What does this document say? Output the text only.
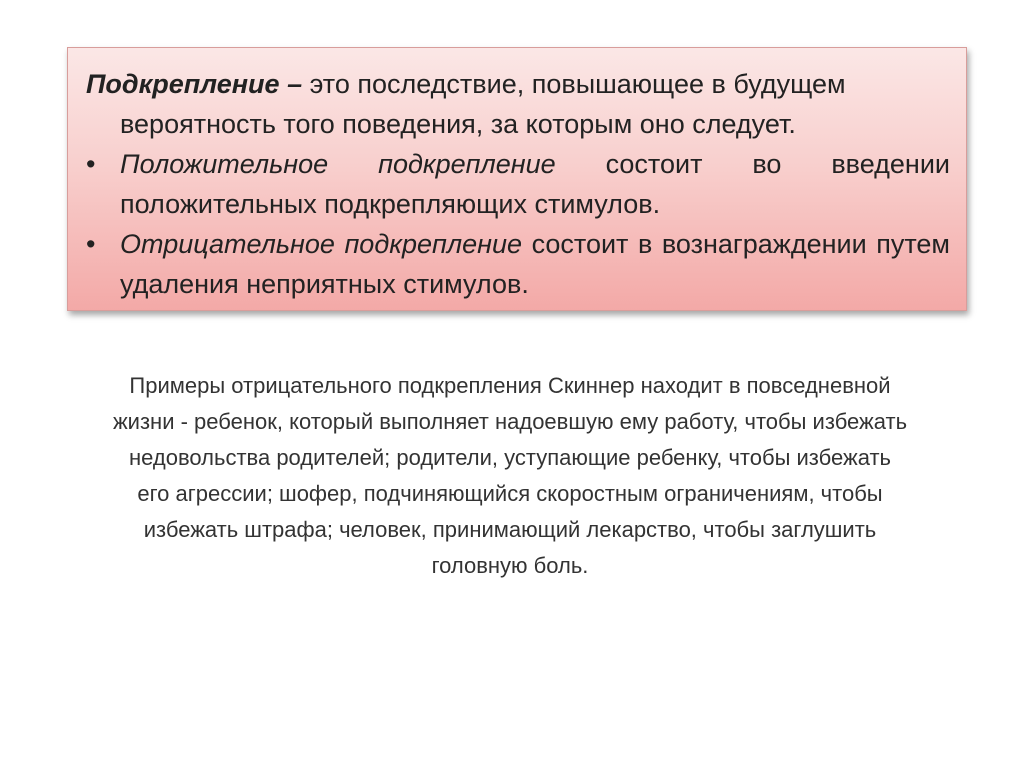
Подкрепление – это последствие, повышающее в будущем вероятность того поведения, за которым оно следует.

• Положительное подкрепление состоит во введении положительных подкрепляющих стимулов.

• Отрицательное подкрепление состоит в вознаграждении путем удаления неприятных стимулов.

Примеры отрицательного подкрепления Скиннер находит в повседневной жизни - ребенок, который выполняет надоевшую ему работу, чтобы избежать недовольства родителей; родители, уступающие ребенку, чтобы избежать его агрессии; шофер, подчиняющийся скоростным ограничениям, чтобы избежать штрафа; человек, принимающий лекарство, чтобы заглушить головную боль.
